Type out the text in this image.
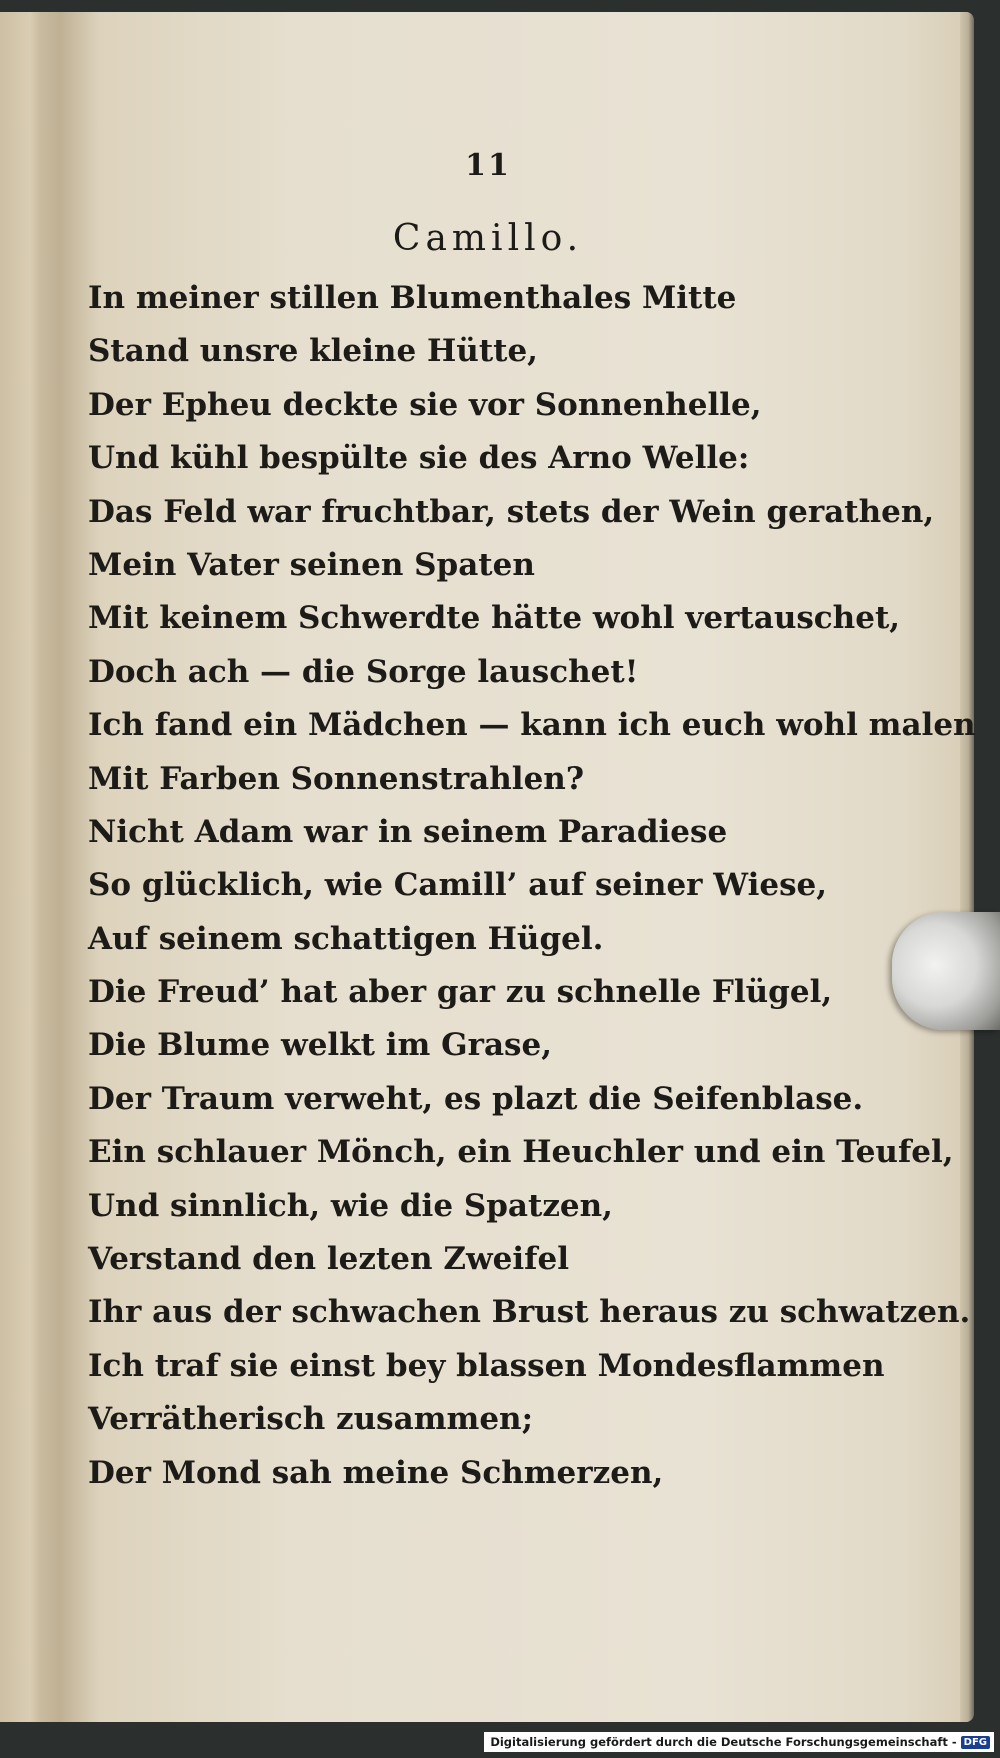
11
Camillo.
In meiner stillen Blumenthales Mitte
Stand unsre kleine Hütte,
Der Epheu deckte sie vor Sonnenhelle,
Und kühl bespülte sie des Arno Welle:
Das Feld war fruchtbar, stets der Wein gerathen,
Mein Vater seinen Spaten
Mit keinem Schwerdte hätte wohl vertauschet,
Doch ach — die Sorge lauschet!
Ich fand ein Mädchen — kann ich euch wohl malen
Mit Farben Sonnenstrahlen?
Nicht Adam war in seinem Paradiese
So glücklich, wie Camill’ auf seiner Wiese,
Auf seinem schattigen Hügel.
Die Freud’ hat aber gar zu schnelle Flügel,
Die Blume welkt im Grase,
Der Traum verweht, es plazt die Seifenblase.
Ein schlauer Mönch, ein Heuchler und ein Teufel,
Und sinnlich, wie die Spatzen,
Verstand den lezten Zweifel
Ihr aus der schwachen Brust heraus zu schwatzen.
Ich traf sie einst bey blassen Mondesflammen
Verrätherisch zusammen;
Der Mond sah meine Schmerzen,
Digitalisierung gefördert durch die Deutsche Forschungsgemeinschaft - DFG
